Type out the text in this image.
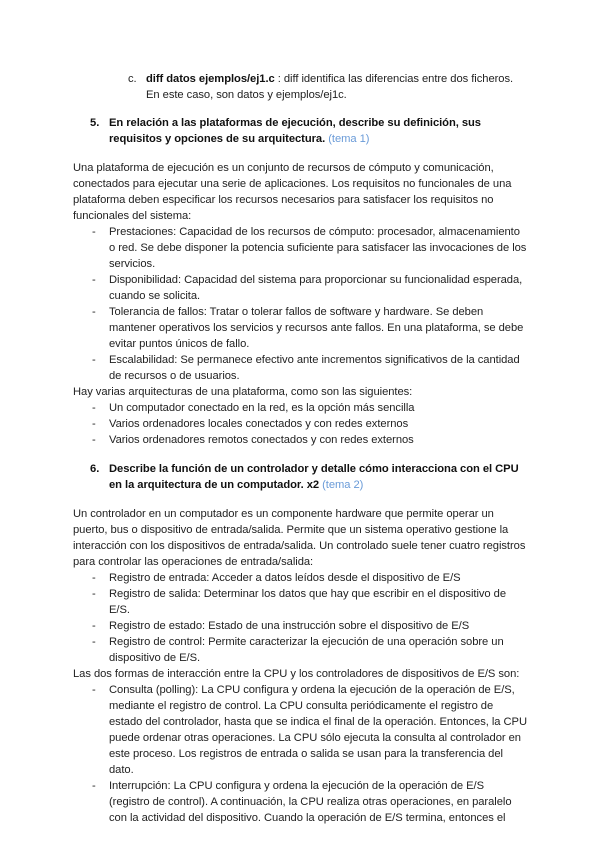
c. diff datos ejemplos/ej1.c : diff identifica las diferencias entre dos ficheros.
En este caso, son datos y ejemplos/ej1c.
5. En relación a las plataformas de ejecución, describe su definición, sus
requisitos y opciones de su arquitectura. (tema 1)
Una plataforma de ejecución es un conjunto de recursos de cómputo y comunicación,
conectados para ejecutar una serie de aplicaciones. Los requisitos no funcionales de una
plataforma deben especificar los recursos necesarios para satisfacer los requisitos no
funcionales del sistema:
- Prestaciones: Capacidad de los recursos de cómputo: procesador, almacenamiento
o red. Se debe disponer la potencia suficiente para satisfacer las invocaciones de los
servicios.
- Disponibilidad: Capacidad del sistema para proporcionar su funcionalidad esperada,
cuando se solicita.
- Tolerancia de fallos: Tratar o tolerar fallos de software y hardware. Se deben
mantener operativos los servicios y recursos ante fallos. En una plataforma, se debe
evitar puntos únicos de fallo.
- Escalabilidad: Se permanece efectivo ante incrementos significativos de la cantidad
de recursos o de usuarios.
Hay varias arquitecturas de una plataforma, como son las siguientes:
- Un computador conectado en la red, es la opción más sencilla
- Varios ordenadores locales conectados y con redes externos
- Varios ordenadores remotos conectados y con redes externos
6. Describe la función de un controlador y detalle cómo interacciona con el CPU
en la arquitectura de un computador. x2 (tema 2)
Un controlador en un computador es un componente hardware que permite operar un
puerto, bus o dispositivo de entrada/salida. Permite que un sistema operativo gestione la
interacción con los dispositivos de entrada/salida. Un controlado suele tener cuatro registros
para controlar las operaciones de entrada/salida:
- Registro de entrada: Acceder a datos leídos desde el dispositivo de E/S
- Registro de salida: Determinar los datos que hay que escribir en el dispositivo de
E/S.
- Registro de estado: Estado de una instrucción sobre el dispositivo de E/S
- Registro de control: Permite caracterizar la ejecución de una operación sobre un
dispositivo de E/S.
Las dos formas de interacción entre la CPU y los controladores de dispositivos de E/S son:
- Consulta (polling): La CPU configura y ordena la ejecución de la operación de E/S,
mediante el registro de control. La CPU consulta periódicamente el registro de
estado del controlador, hasta que se indica el final de la operación. Entonces, la CPU
puede ordenar otras operaciones. La CPU sólo ejecuta la consulta al controlador en
este proceso. Los registros de entrada o salida se usan para la transferencia del
dato.
- Interrupción: La CPU configura y ordena la ejecución de la operación de E/S
(registro de control). A continuación, la CPU realiza otras operaciones, en paralelo
con la actividad del dispositivo. Cuando la operación de E/S termina, entonces el
